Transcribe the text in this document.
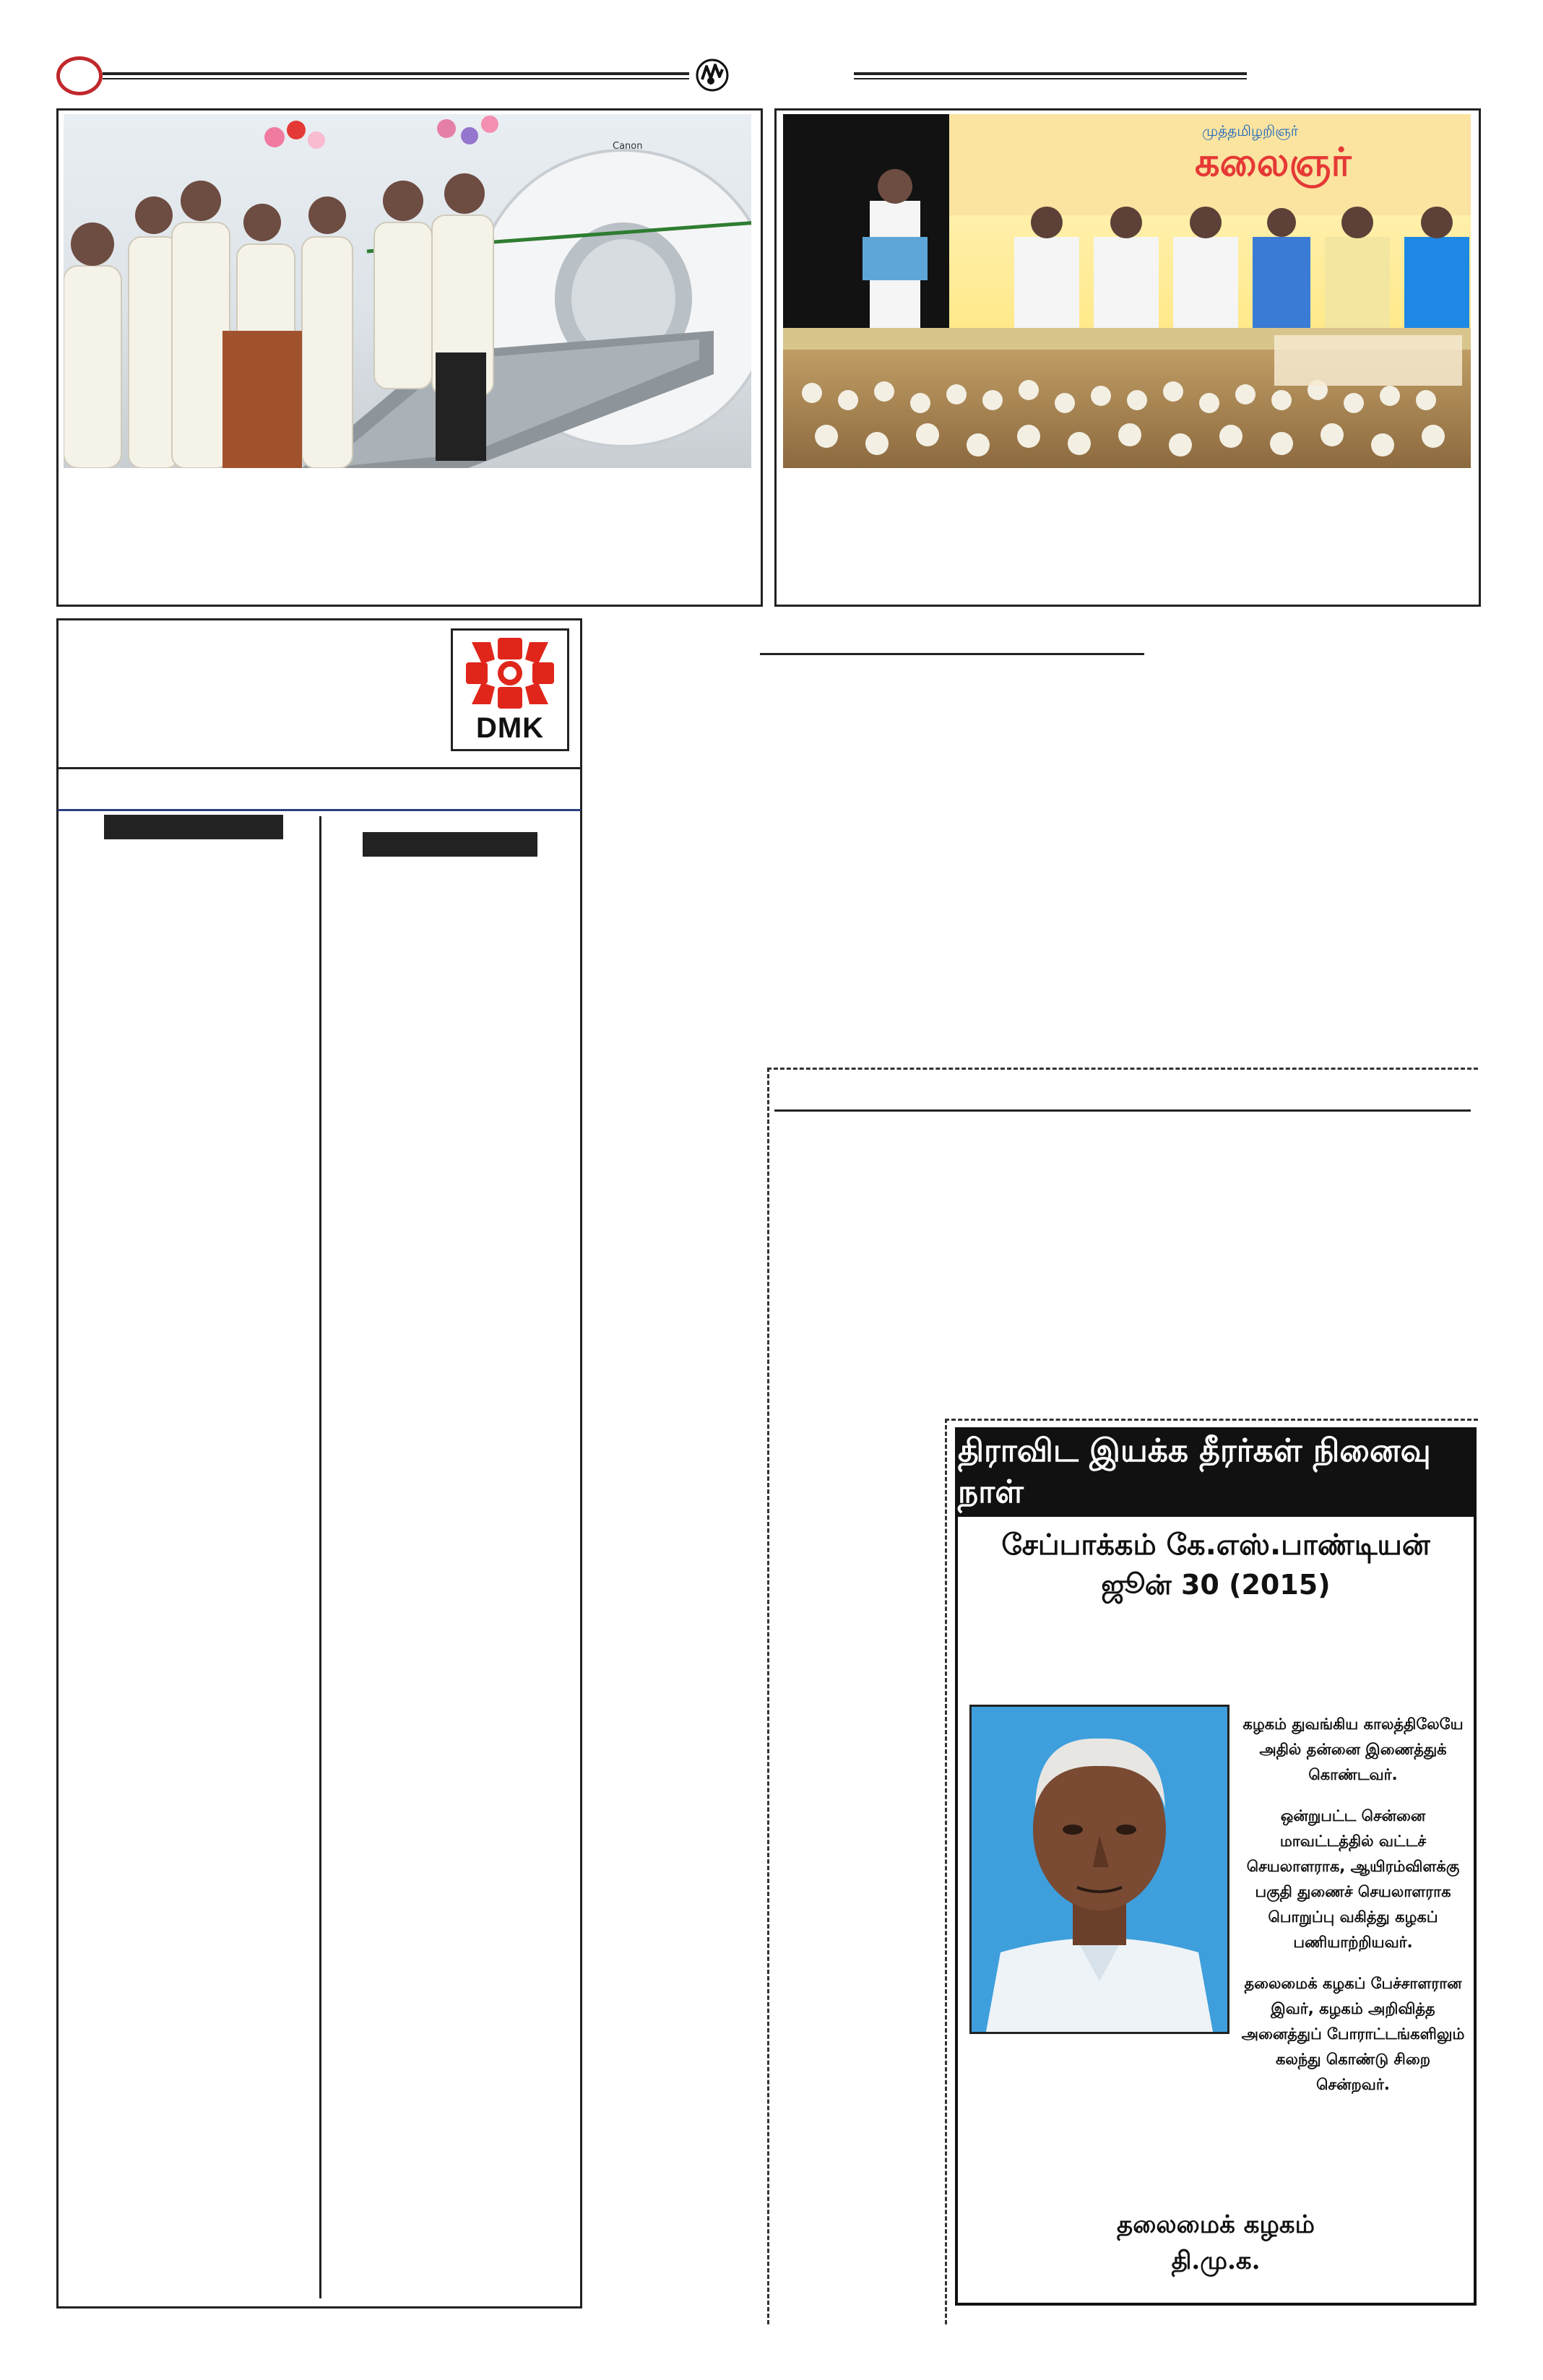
Canon
முத்தமிழறிஞர்
கலைஞர்
DMK
திராவிட இயக்க தீரர்கள் நினைவு நாள்
சேப்பாக்கம் கே.எஸ்.பாண்டியன்
ஜூன் 30 (2015)

கழகம் துவங்கிய காலத்திலேயே அதில் தன்னை இணைத்துக் கொண்டவர்.

ஒன்றுபட்ட சென்னை மாவட்டத்தில் வட்டச் செயலாளராக, ஆயிரம்விளக்கு பகுதி துணைச் செயலாளராக பொறுப்பு வகித்து கழகப் பணியாற்றியவர்.

தலைமைக் கழகப் பேச்சாளரான இவர், கழகம் அறிவித்த அனைத்துப் போராட்டங்களிலும் கலந்து கொண்டு சிறை சென்றவர்.

தலைமைக் கழகம்
தி.மு.க.
